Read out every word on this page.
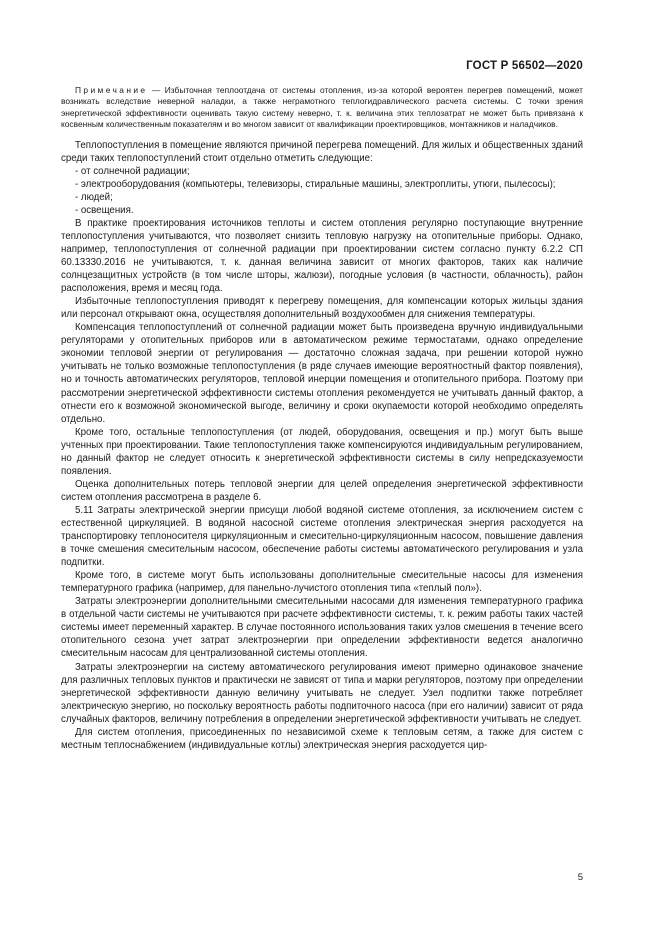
ГОСТ Р 56502—2020

Примечание — Избыточная теплоотдача от системы отопления, из-за которой вероятен перегрев помещений, может возникать вследствие неверной наладки, а также неграмотного теплогидравлического расчета системы. С точки зрения энергетической эффективности оценивать такую систему неверно, т. к. величина этих теплозатрат не может быть привязана к косвенным количественным показателям и во многом зависит от квалификации проектировщиков, монтажников и наладчиков.

Теплопоступления в помещение являются причиной перегрева помещений. Для жилых и общественных зданий среди таких теплопоступлений стоит отдельно отметить следующие:

- от солнечной радиации;

- электрооборудования (компьютеры, телевизоры, стиральные машины, электроплиты, утюги, пылесосы);

- людей;

- освещения.

В практике проектирования источников теплоты и систем отопления регулярно поступающие внутренние теплопоступления учитываются, что позволяет снизить тепловую нагрузку на отопительные приборы. Однако, например, теплопоступления от солнечной радиации при проектировании систем согласно пункту 6.2.2 СП 60.13330.2016 не учитываются, т. к. данная величина зависит от многих факторов, таких как наличие солнцезащитных устройств (в том числе шторы, жалюзи), погодные условия (в частности, облачность), район расположения, время и месяц года.

Избыточные теплопоступления приводят к перегреву помещения, для компенсации которых жильцы здания или персонал открывают окна, осуществляя дополнительный воздухообмен для снижения температуры.

Компенсация теплопоступлений от солнечной радиации может быть произведена вручную индивидуальными регуляторами у отопительных приборов или в автоматическом режиме термостатами, однако определение экономии тепловой энергии от регулирования — достаточно сложная задача, при решении которой нужно учитывать не только возможные теплопоступления (в ряде случаев имеющие вероятностный фактор появления), но и точность автоматических регуляторов, тепловой инерции помещения и отопительного прибора. Поэтому при рассмотрении энергетической эффективности системы отопления рекомендуется не учитывать данный фактор, а отнести его к возможной экономической выгоде, величину и сроки окупаемости которой необходимо определять отдельно.

Кроме того, остальные теплопоступления (от людей, оборудования, освещения и пр.) могут быть выше учтенных при проектировании. Такие теплопоступления также компенсируются индивидуальным регулированием, но данный фактор не следует относить к энергетической эффективности системы в силу непредсказуемости появления.

Оценка дополнительных потерь тепловой энергии для целей определения энергетической эффективности систем отопления рассмотрена в разделе 6.

5.11 Затраты электрической энергии присущи любой водяной системе отопления, за исключением систем с естественной циркуляцией. В водяной насосной системе отопления электрическая энергия расходуется на транспортировку теплоносителя циркуляционным и смесительно-циркуляционным насосом, повышение давления в точке смешения смесительным насосом, обеспечение работы системы автоматического регулирования и узла подпитки.

Кроме того, в системе могут быть использованы дополнительные смесительные насосы для изменения температурного графика (например, для панельно-лучистого отопления типа «теплый пол»).

Затраты электроэнергии дополнительными смесительными насосами для изменения температурного графика в отдельной части системы не учитываются при расчете эффективности системы, т. к. режим работы таких частей системы имеет переменный характер. В случае постоянного использования таких узлов смешения в течение всего отопительного сезона учет затрат электроэнергии при определении эффективности ведется аналогично смесительным насосам для централизованной системы отопления.

Затраты электроэнергии на систему автоматического регулирования имеют примерно одинаковое значение для различных тепловых пунктов и практически не зависят от типа и марки регуляторов, поэтому при определении энергетической эффективности данную величину учитывать не следует. Узел подпитки также потребляет электрическую энергию, но поскольку вероятность работы подпиточного насоса (при его наличии) зависит от ряда случайных факторов, величину потребления в определении энергетической эффективности учитывать не следует.

Для систем отопления, присоединенных по независимой схеме к тепловым сетям, а также для систем с местным теплоснабжением (индивидуальные котлы) электрическая энергия расходуется цир-

5
